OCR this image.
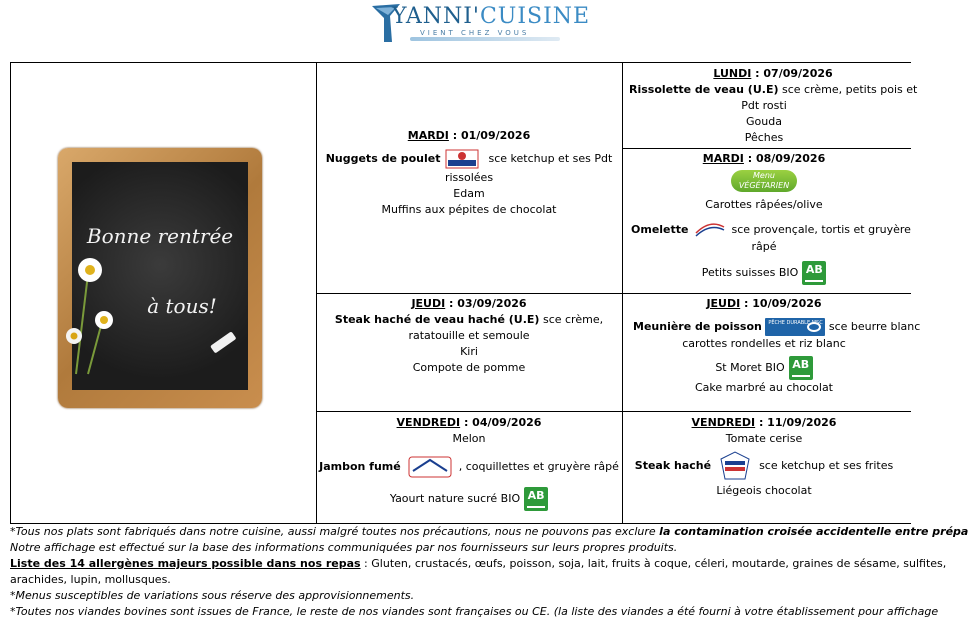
YANNI'CUISINE
VIENT CHEZ VOUS
Bonne rentrée
à tous!
MARDI : 01/09/2026
Nuggets de poulet	sce ketchup et ses Pdt
rissolées
Edam
Muffins aux pépites de chocolat
LUNDI : 07/09/2026
Rissolette de veau (U.E) sce crème, petits pois et
Pdt rosti
Gouda
Pêches
MARDI : 08/09/2026
Menu VÉGÉTARIEN
Carottes râpées/olive
Omelette	sce provençale, tortis et gruyère
râpé
Petits suisses BIO AB
JEUDI : 03/09/2026
Steak haché de veau haché (U.E) sce crème,
ratatouille et semoule
Kiri
Compote de pomme
JEUDI : 10/09/2026
Meunière de poisson PÊCHE DURABLE MSC sce beurre blanc
carottes rondelles et riz blanc
St Moret BIO AB
Cake marbré au chocolat
VENDREDI : 04/09/2026
Melon
Jambon fumé	, coquillettes et gruyère râpé
Yaourt nature sucré BIO AB
VENDREDI : 11/09/2026
Tomate cerise
Steak haché	sce ketchup et ses frites
Liégeois chocolat
*Tous nos plats sont fabriqués dans notre cuisine, aussi malgré toutes nos précautions, nous ne pouvons pas exclure la contamination croisée accidentelle entre prépa
Notre affichage est effectué sur la base des informations communiquées par nos fournisseurs sur leurs propres produits.
Liste des 14 allergènes majeurs possible dans nos repas : Gluten, crustacés, œufs, poisson, soja, lait, fruits à coque, céleri, moutarde, graines de sésame, sulfites,
arachides, lupin, mollusques.
*Menus susceptibles de variations sous réserve des approvisionnements.
*Toutes nos viandes bovines sont issues de France, le reste de nos viandes sont françaises ou CE. (la liste des viandes a été fourni à votre établissement pour affichage
